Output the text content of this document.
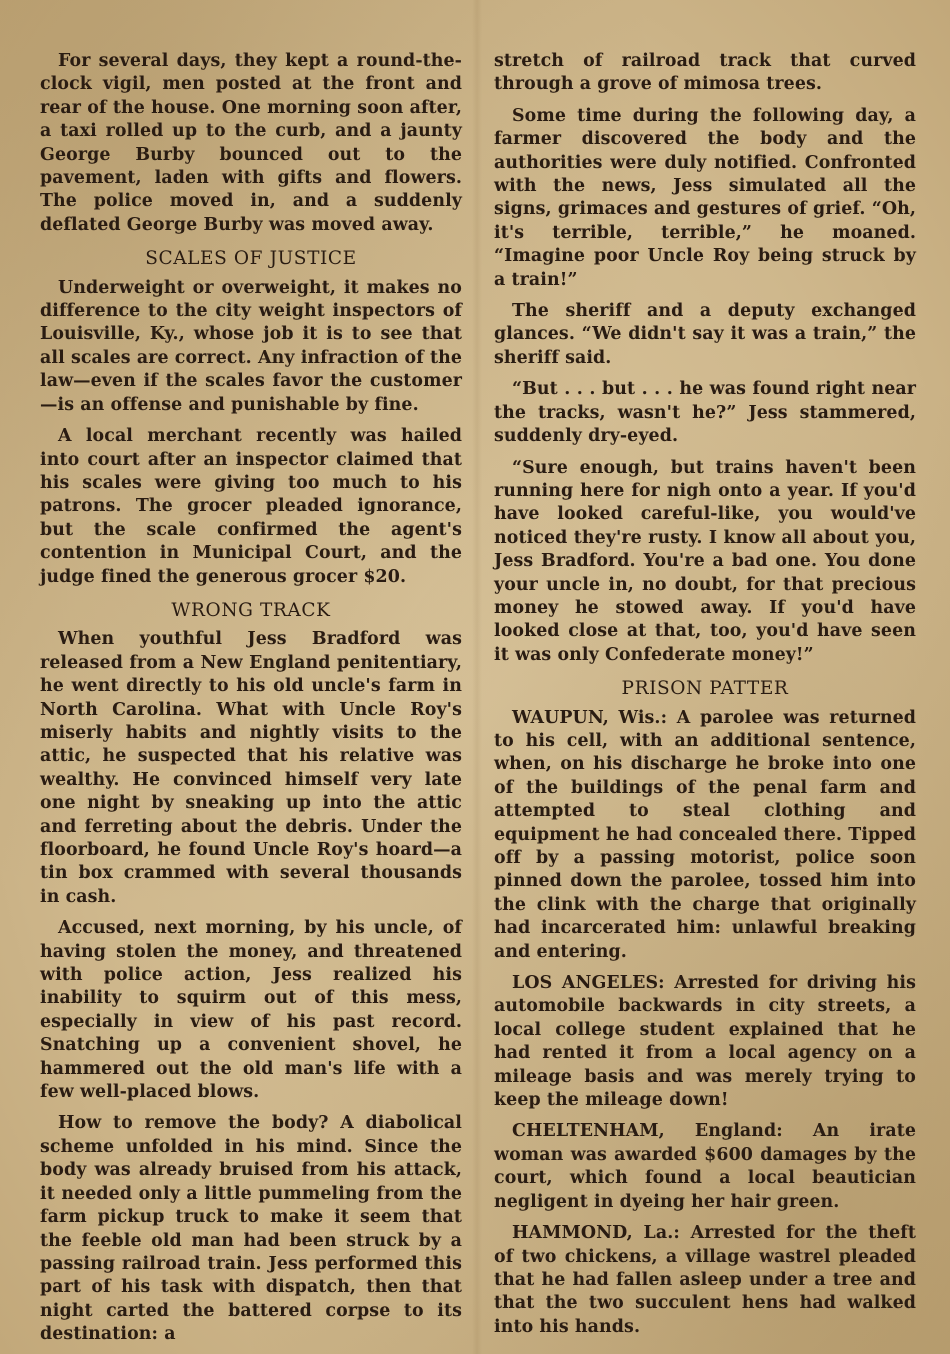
For several days, they kept a round-the-clock vigil, men posted at the front and rear of the house. One morning soon after, a taxi rolled up to the curb, and a jaunty George Burby bounced out to the pavement, laden with gifts and flowers. The police moved in, and a suddenly deflated George Burby was moved away.

SCALES OF JUSTICE

Underweight or overweight, it makes no difference to the city weight inspectors of Louisville, Ky., whose job it is to see that all scales are correct. Any infraction of the law—even if the scales favor the customer —is an offense and punishable by fine.

A local merchant recently was hailed into court after an inspector claimed that his scales were giving too much to his patrons. The grocer pleaded ignorance, but the scale confirmed the agent's contention in Municipal Court, and the judge fined the generous grocer $20.

WRONG TRACK

When youthful Jess Bradford was released from a New England penitentiary, he went directly to his old uncle's farm in North Carolina. What with Uncle Roy's miserly habits and nightly visits to the attic, he suspected that his relative was wealthy. He convinced himself very late one night by sneaking up into the attic and ferreting about the debris. Under the floorboard, he found Uncle Roy's hoard—a tin box crammed with several thousands in cash.

Accused, next morning, by his uncle, of having stolen the money, and threatened with police action, Jess realized his inability to squirm out of this mess, especially in view of his past record. Snatching up a convenient shovel, he hammered out the old man's life with a few well-placed blows.

How to remove the body? A diabolical scheme unfolded in his mind. Since the body was already bruised from his attack, it needed only a little pummeling from the farm pickup truck to make it seem that the feeble old man had been struck by a passing railroad train. Jess performed this part of his task with dispatch, then that night carted the battered corpse to its destination: a

stretch of railroad track that curved through a grove of mimosa trees.

Some time during the following day, a farmer discovered the body and the authorities were duly notified. Confronted with the news, Jess simulated all the signs, grimaces and gestures of grief. “Oh, it's terrible, terrible,” he moaned. “Imagine poor Uncle Roy being struck by a train!”

The sheriff and a deputy exchanged glances. “We didn't say it was a train,” the sheriff said.

“But . . . but . . . he was found right near the tracks, wasn't he?” Jess stammered, suddenly dry-eyed.

“Sure enough, but trains haven't been running here for nigh onto a year. If you'd have looked careful-like, you would've noticed they're rusty. I know all about you, Jess Bradford. You're a bad one. You done your uncle in, no doubt, for that precious money he stowed away. If you'd have looked close at that, too, you'd have seen it was only Confederate money!”

PRISON PATTER

WAUPUN, Wis.: A parolee was returned to his cell, with an additional sentence, when, on his discharge he broke into one of the buildings of the penal farm and attempted to steal clothing and equipment he had concealed there. Tipped off by a passing motorist, police soon pinned down the parolee, tossed him into the clink with the charge that originally had incarcerated him: unlawful breaking and entering.

LOS ANGELES: Arrested for driving his automobile backwards in city streets, a local college student explained that he had rented it from a local agency on a mileage basis and was merely trying to keep the mileage down!

CHELTENHAM, England: An irate woman was awarded $600 damages by the court, which found a local beautician negligent in dyeing her hair green.

HAMMOND, La.: Arrested for the theft of two chickens, a village wastrel pleaded that he had fallen asleep under a tree and that the two succulent hens had walked into his hands.
